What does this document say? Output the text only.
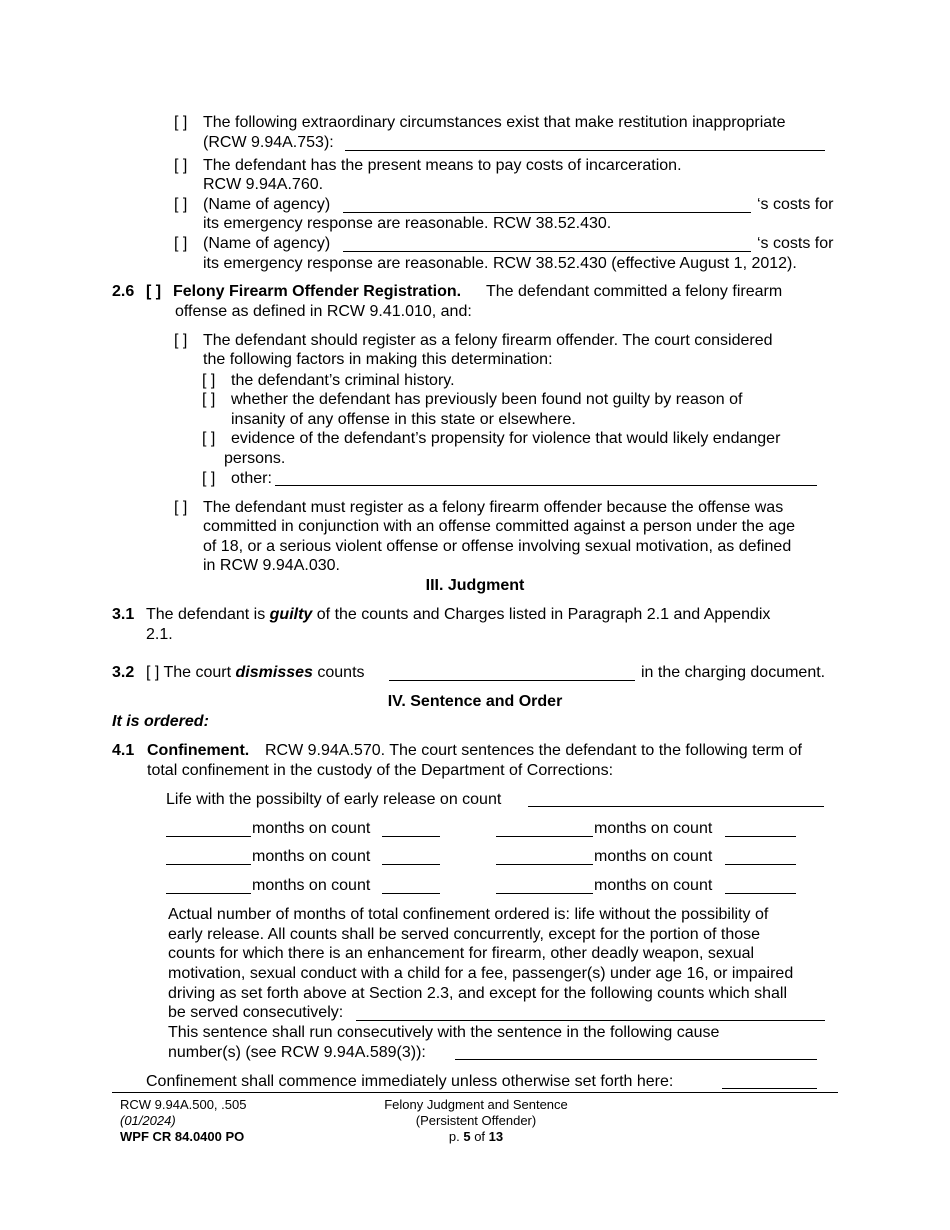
[ ] The following extraordinary circumstances exist that make restitution inappropriate
(RCW 9.94A.753):
[ ] The defendant has the present means to pay costs of incarceration.
RCW 9.94A.760.
[ ] (Name of agency)	‘s costs for
its emergency response are reasonable. RCW 38.52.430.
[ ] (Name of agency)	‘s costs for
its emergency response are reasonable. RCW 38.52.430 (effective August 1, 2012).
2.6 [ ] Felony Firearm Offender Registration. The defendant committed a felony firearm
offense as defined in RCW 9.41.010, and:
[ ] The defendant should register as a felony firearm offender. The court considered
the following factors in making this determination:
[ ] the defendant’s criminal history.
[ ] whether the defendant has previously been found not guilty by reason of
insanity of any offense in this state or elsewhere.
[ ] evidence of the defendant’s propensity for violence that would likely endanger
persons.
[ ] other:
[ ] The defendant must register as a felony firearm offender because the offense was
committed in conjunction with an offense committed against a person under the age
of 18, or a serious violent offense or offense involving sexual motivation, as defined
in RCW 9.94A.030.
III. Judgment
3.1 The defendant is guilty of the counts and Charges listed in Paragraph 2.1 and Appendix
2.1.
3.2 [ ] The court dismisses counts	in the charging document.
IV. Sentence and Order
It is ordered:
4.1 Confinement. RCW 9.94A.570. The court sentences the defendant to the following term of
total confinement in the custody of the Department of Corrections:
Life with the possibilty of early release on count
months on count	months on count
months on count	months on count
months on count	months on count
Actual number of months of total confinement ordered is: life without the possibility of
early release. All counts shall be served concurrently, except for the portion of those
counts for which there is an enhancement for firearm, other deadly weapon, sexual
motivation, sexual conduct with a child for a fee, passenger(s) under age 16, or impaired
driving as set forth above at Section 2.3, and except for the following counts which shall
be served consecutively:
This sentence shall run consecutively with the sentence in the following cause
number(s) (see RCW 9.94A.589(3)):
Confinement shall commence immediately unless otherwise set forth here:
RCW 9.94A.500, .505
(01/2024)
WPF CR 84.0400 PO
Felony Judgment and Sentence
(Persistent Offender)
p. 5 of 13
